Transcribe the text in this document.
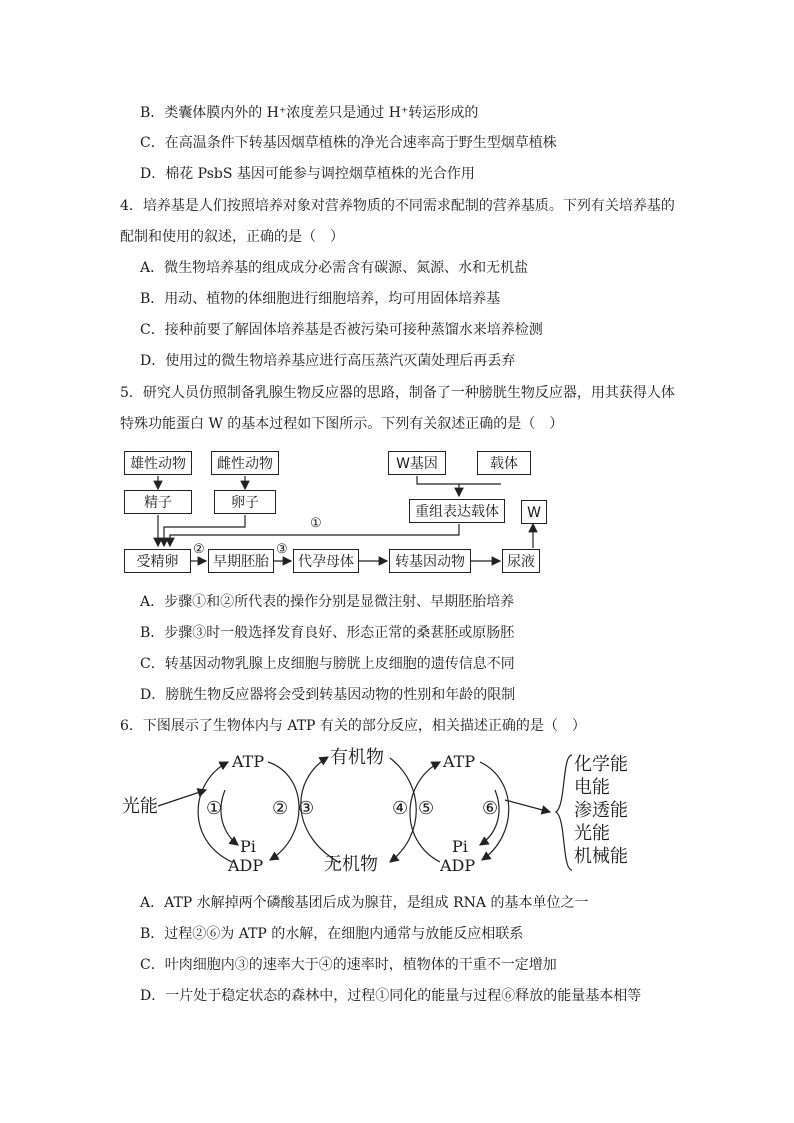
B．类囊体膜内外的 H⁺浓度差只是通过 H⁺转运形成的
C．在高温条件下转基因烟草植株的净光合速率高于野生型烟草植株
D．棉花 PsbS 基因可能参与调控烟草植株的光合作用
4．培养基是人们按照培养对象对营养物质的不同需求配制的营养基质。下列有关培养基的
配制和使用的叙述，正确的是（　）
A．微生物培养基的组成成分必需含有碳源、氮源、水和无机盐
B．用动、植物的体细胞进行细胞培养，均可用固体培养基
C．接种前要了解固体培养基是否被污染可接种蒸馏水来培养检测
D．使用过的微生物培养基应进行高压蒸汽灭菌处理后再丢弃
5．研究人员仿照制备乳腺生物反应器的思路，制备了一种膀胱生物反应器，用其获得人体
特殊功能蛋白 W 的基本过程如下图所示。下列有关叙述正确的是（　）
雄性动物	雌性动物
精子	卵子
W基因	载体
重组表达载体	W
受精卵	早期胚胎	代孕母体	转基因动物	尿液
①
②	③
A．步骤①和②所代表的操作分别是显微注射、早期胚胎培养
B．步骤③时一般选择发育良好、形态正常的桑葚胚或原肠胚
C．转基因动物乳腺上皮细胞与膀胱上皮细胞的遗传信息不同
D．膀胱生物反应器将会受到转基因动物的性别和年龄的限制
6．下图展示了生物体内与 ATP 有关的部分反应，相关描述正确的是（　）
光能
ATP
Pi
ADP
有机物
无机物
ATP
Pi
ADP
①	② ③	④ ⑤	⑥
化学能
电能
渗透能
光能
机械能
A．ATP 水解掉两个磷酸基团后成为腺苷，是组成 RNA 的基本单位之一
B．过程②⑥为 ATP 的水解，在细胞内通常与放能反应相联系
C．叶肉细胞内③的速率大于④的速率时，植物体的干重不一定增加
D．一片处于稳定状态的森林中，过程①同化的能量与过程⑥释放的能量基本相等
